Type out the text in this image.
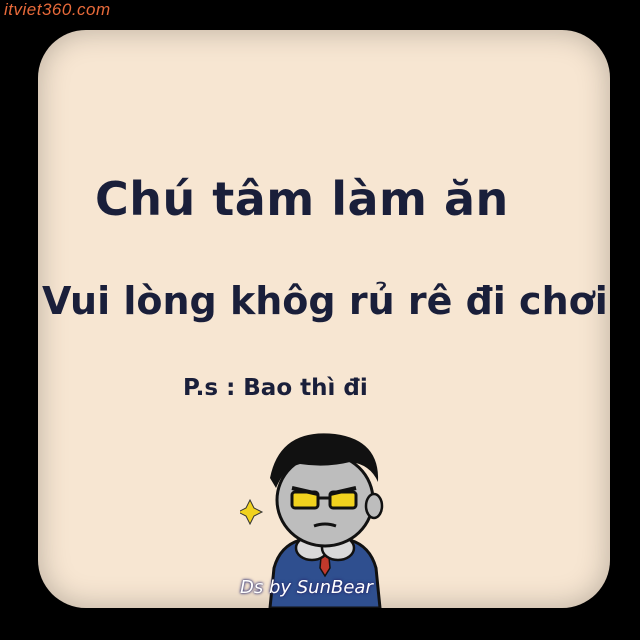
itviet360.com
Chú tâm làm ăn
Vui lòng khôg rủ rê đi chơi
P.s : Bao thì đi
Ds by SunBear
